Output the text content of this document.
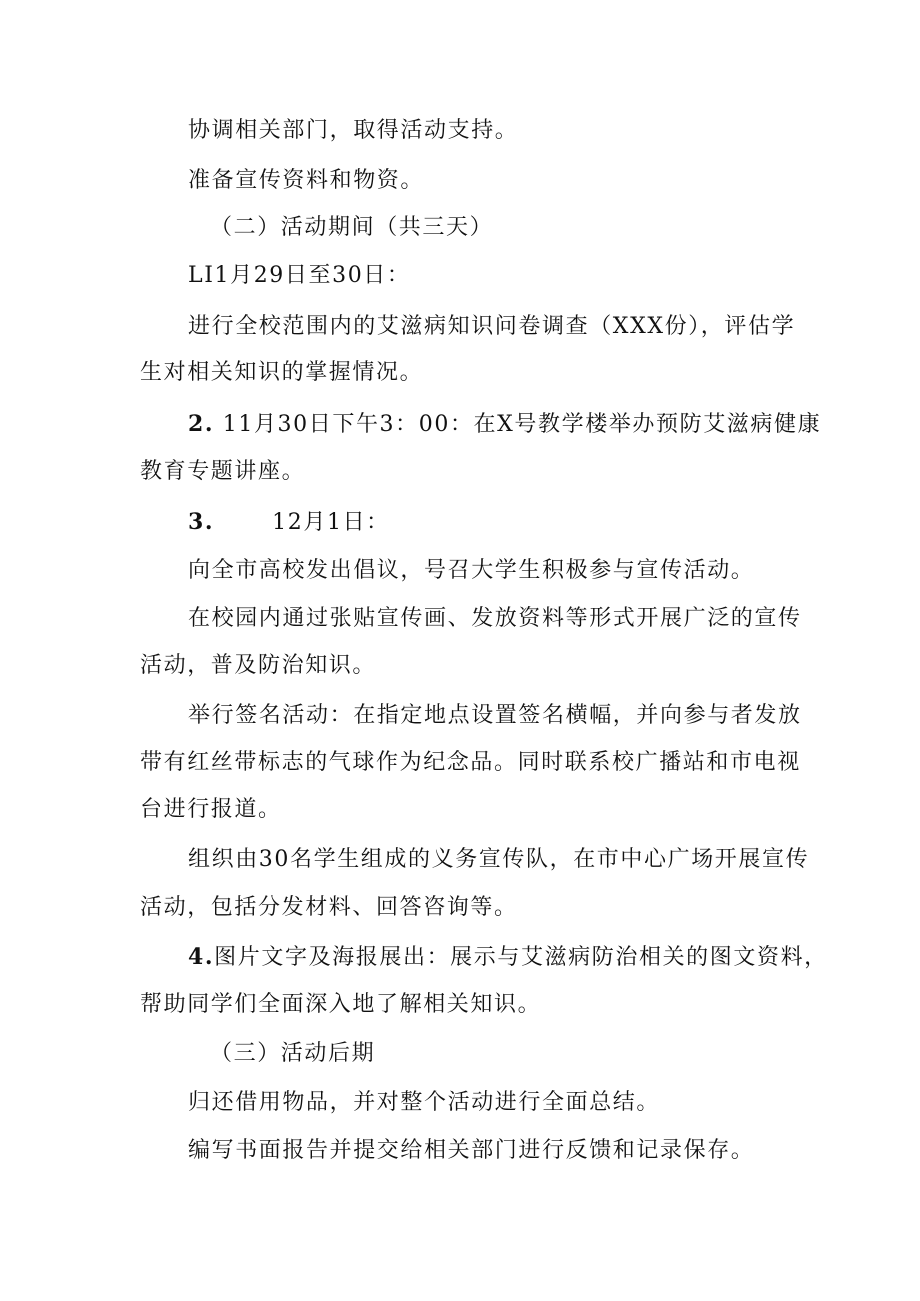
协调相关部门，取得活动支持。
准备宣传资料和物资。
（二）活动期间（共三天）
LI1月29日至30日：
进行全校范围内的艾滋病知识问卷调查（XXX份），评估学
生对相关知识的掌握情况。
2. 11月30日下午3：00：在X号教学楼举办预防艾滋病健康
教育专题讲座。
3.	12月1日：
向全市高校发出倡议，号召大学生积极参与宣传活动。
在校园内通过张贴宣传画、发放资料等形式开展广泛的宣传
活动，普及防治知识。
举行签名活动：在指定地点设置签名横幅，并向参与者发放
带有红丝带标志的气球作为纪念品。同时联系校广播站和市电视
台进行报道。
组织由30名学生组成的义务宣传队，在市中心广场开展宣传
活动，包括分发材料、回答咨询等。
4.图片文字及海报展出：展示与艾滋病防治相关的图文资料，
帮助同学们全面深入地了解相关知识。
（三）活动后期
归还借用物品，并对整个活动进行全面总结。
编写书面报告并提交给相关部门进行反馈和记录保存。
